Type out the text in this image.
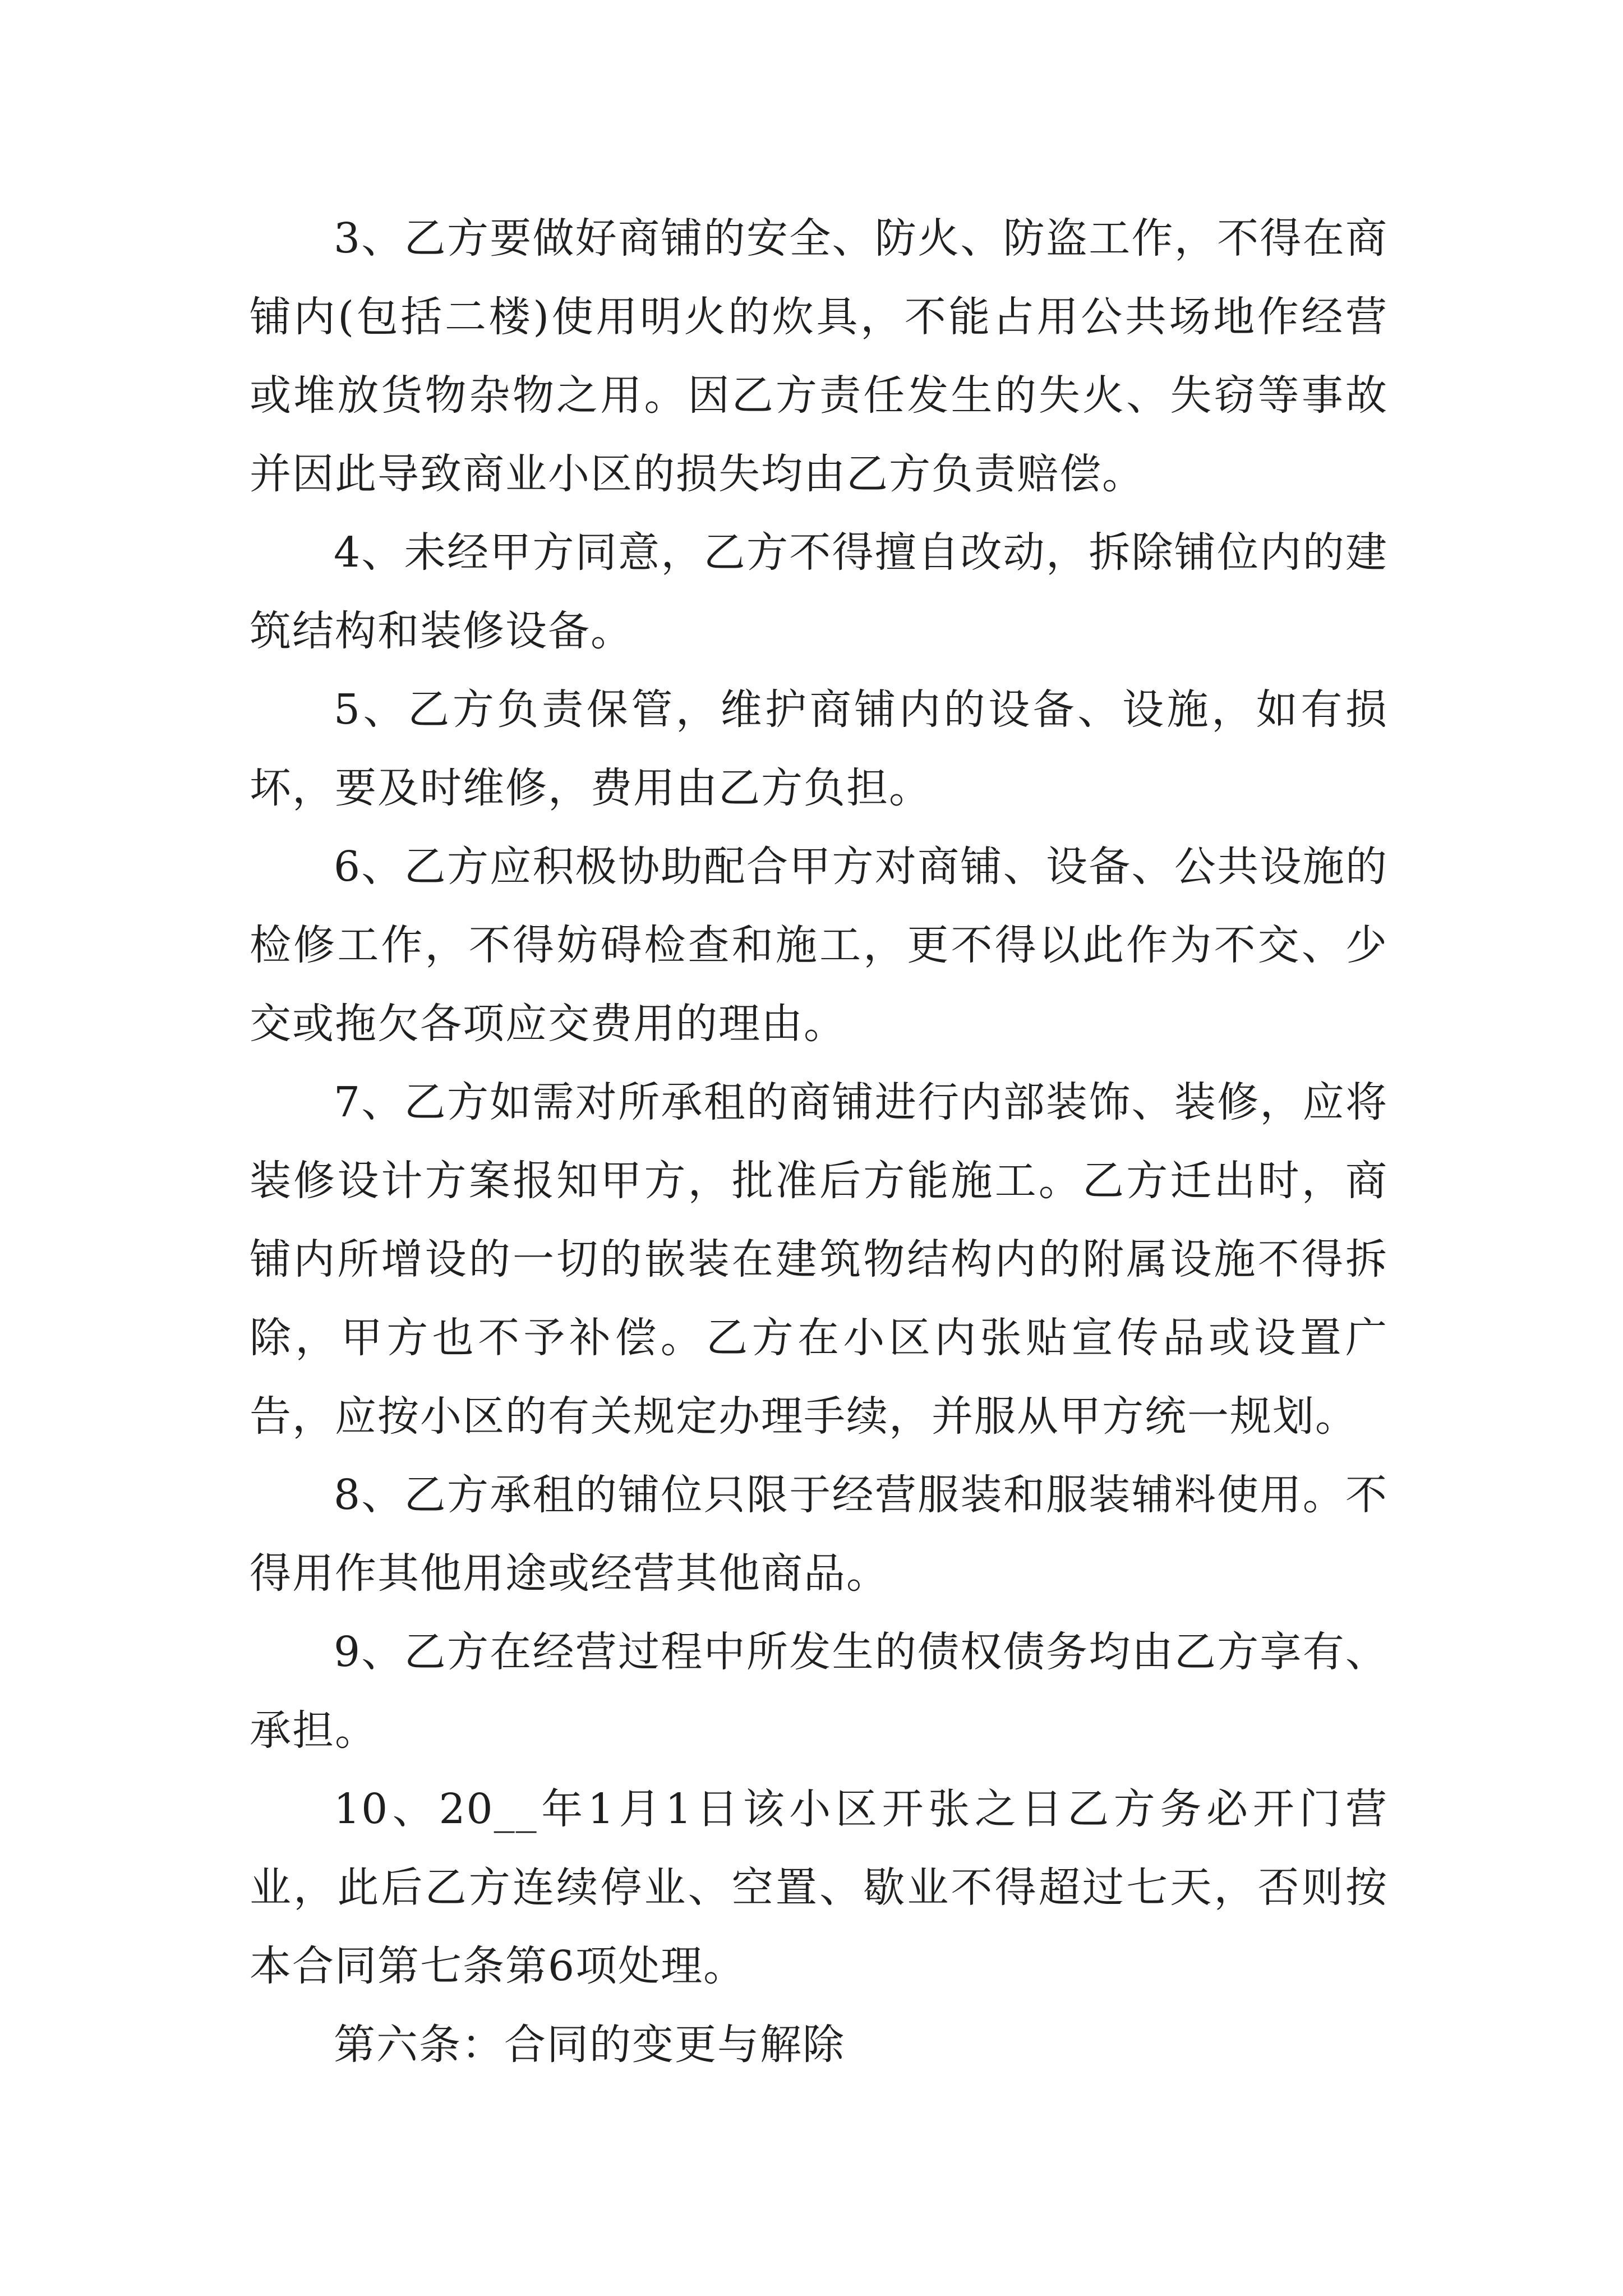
3、乙方要做好商铺的安全、防火、防盗工作，不得在商铺内(包括二楼)使用明火的炊具，不能占用公共场地作经营或堆放货物杂物之用。因乙方责任发生的失火、失窃等事故并因此导致商业小区的损失均由乙方负责赔偿。

4、未经甲方同意，乙方不得擅自改动，拆除铺位内的建筑结构和装修设备。

5、乙方负责保管，维护商铺内的设备、设施，如有损坏，要及时维修，费用由乙方负担。

6、乙方应积极协助配合甲方对商铺、设备、公共设施的检修工作，不得妨碍检查和施工，更不得以此作为不交、少交或拖欠各项应交费用的理由。

7、乙方如需对所承租的商铺进行内部装饰、装修，应将装修设计方案报知甲方，批准后方能施工。乙方迁出时，商铺内所增设的一切的嵌装在建筑物结构内的附属设施不得拆除，甲方也不予补偿。乙方在小区内张贴宣传品或设置广告，应按小区的有关规定办理手续，并服从甲方统一规划。

8、乙方承租的铺位只限于经营服装和服装辅料使用。不得用作其他用途或经营其他商品。

9、乙方在经营过程中所发生的债权债务均由乙方享有、承担。

10、20__年1月1日该小区开张之日乙方务必开门营业，此后乙方连续停业、空置、歇业不得超过七天，否则按本合同第七条第6项处理。

第六条：合同的变更与解除
